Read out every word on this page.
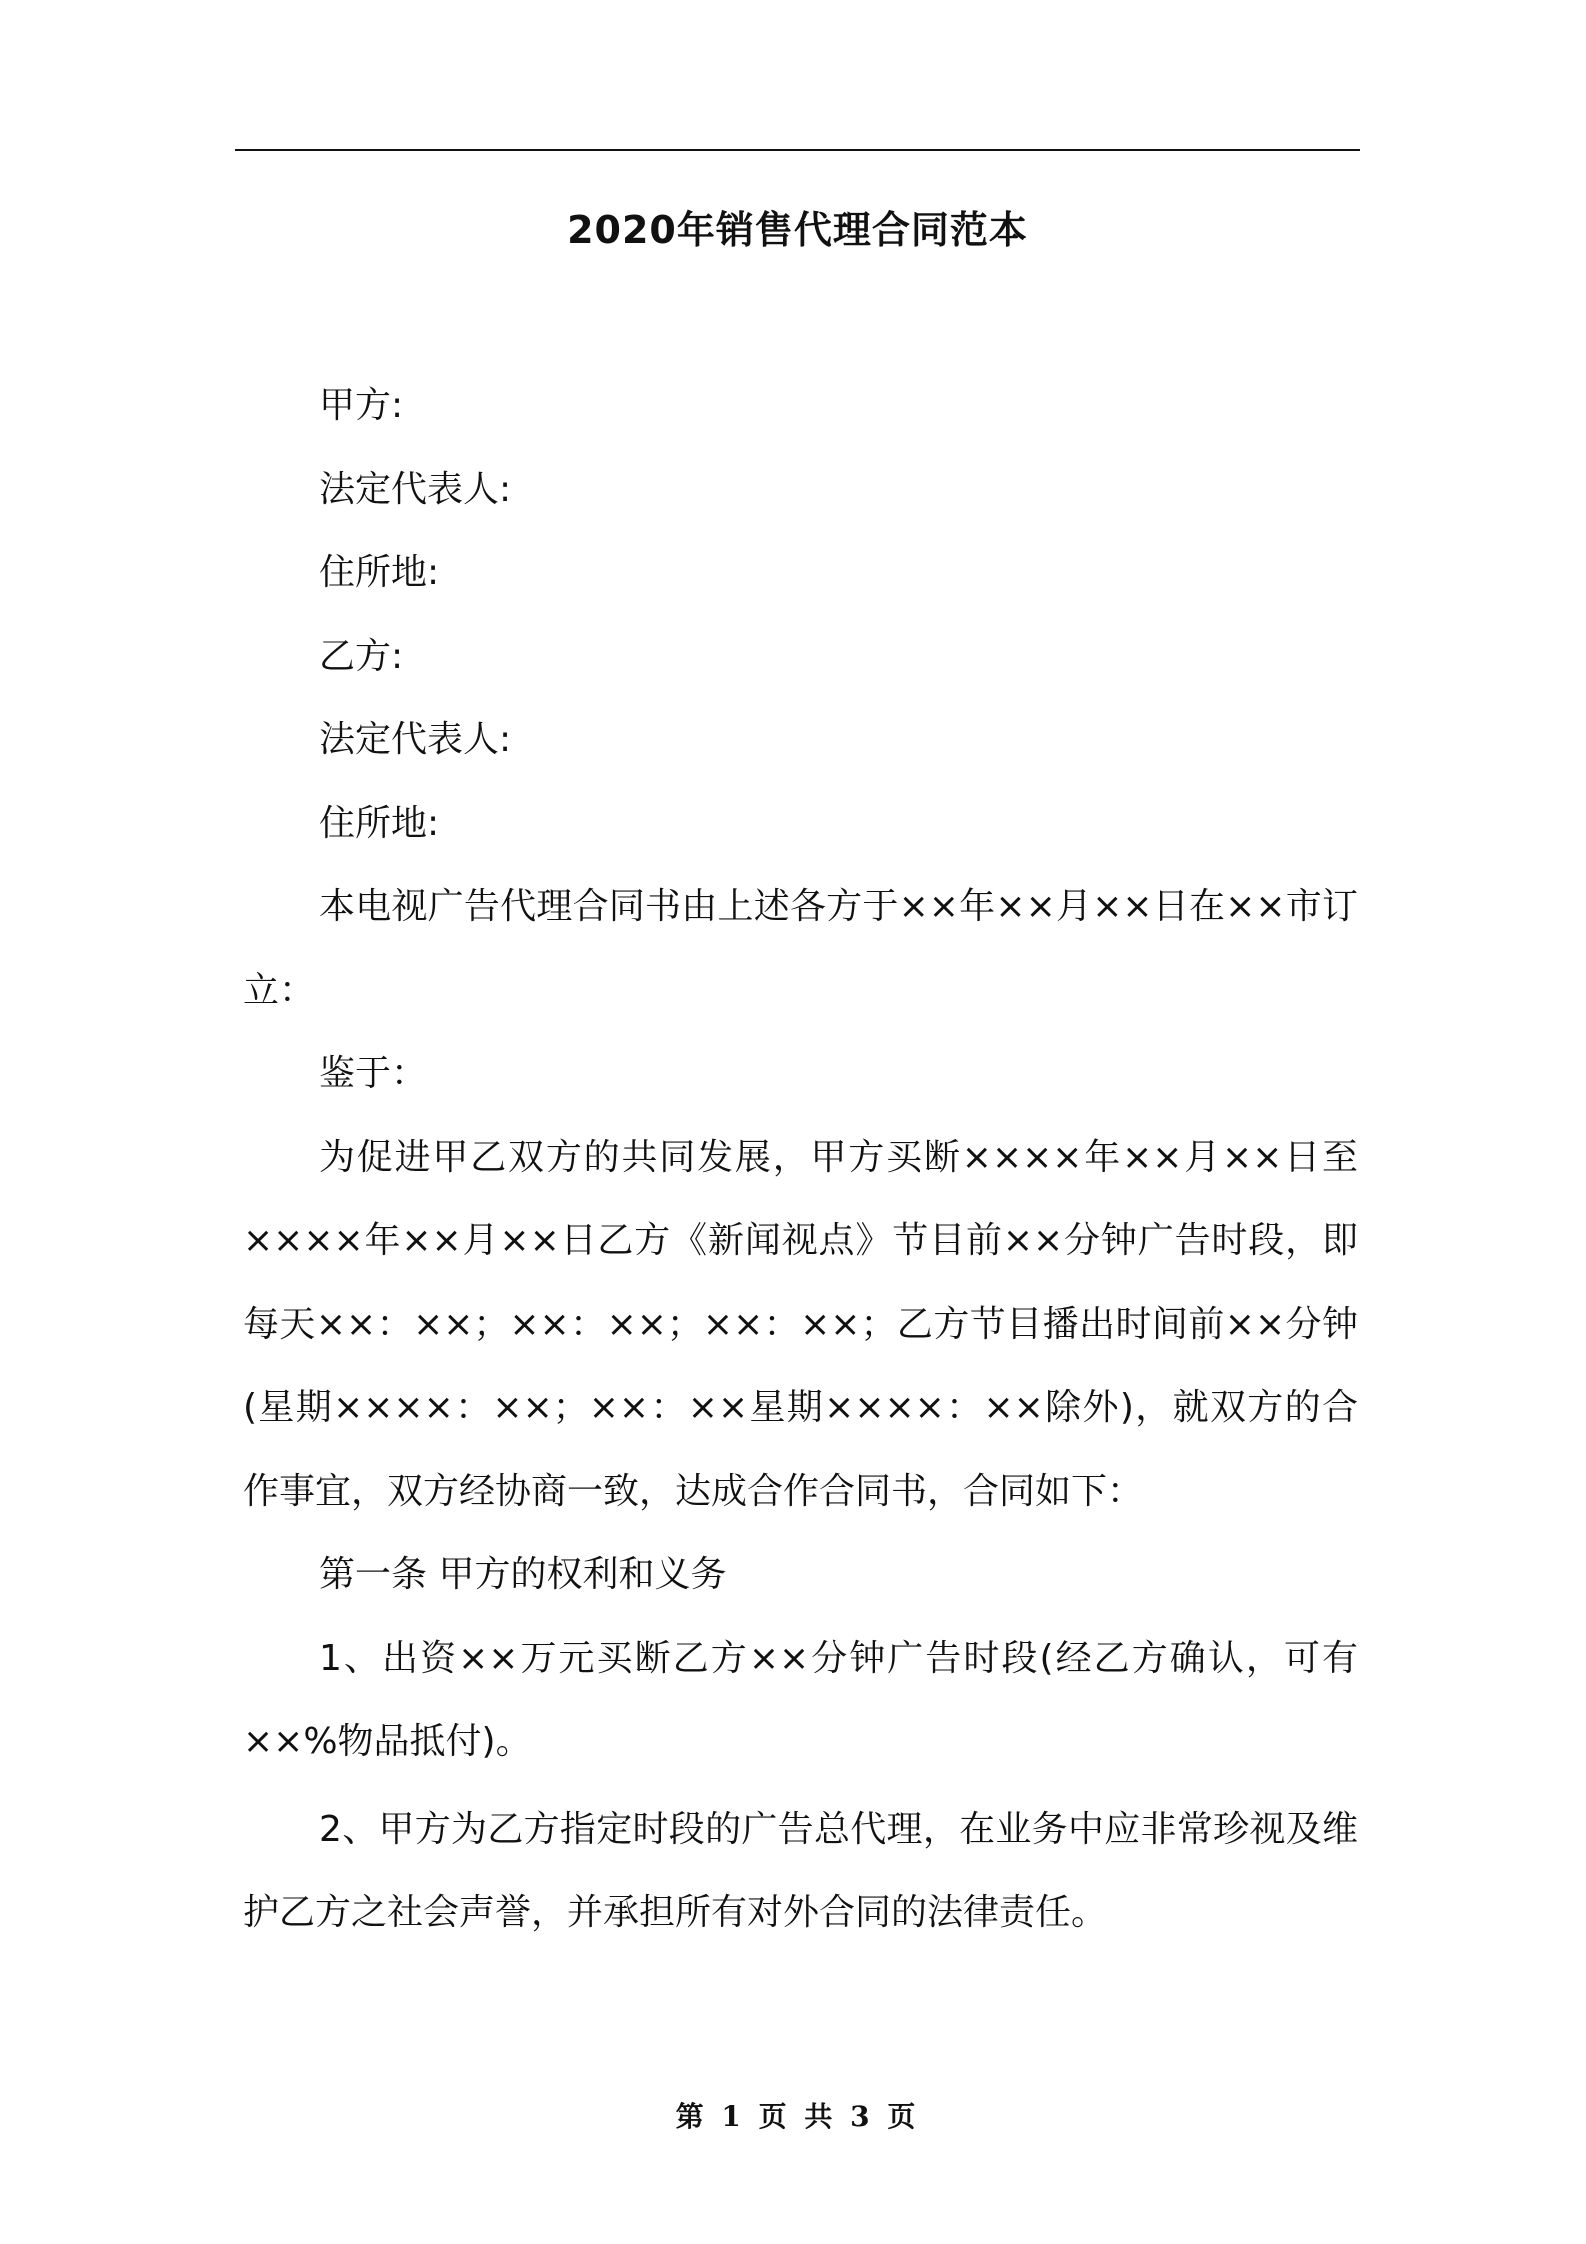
2020年销售代理合同范本

甲方:

法定代表人:

住所地:

乙方:

法定代表人:

住所地:

本电视广告代理合同书由上述各方于××年××月××日在××市订立：

鉴于：

为促进甲乙双方的共同发展，甲方买断××××年××月××日至 ××××年××月××日乙方《新闻视点》节目前××分钟广告时段，即每天××：××；××：××；××：××；乙方节目播出时间前××分钟(星期××××：××；××：××星期××××：××除外)，就双方的合作事宜，双方经协商一致，达成合作合同书，合同如下：

第一条 甲方的权利和义务

1、出资××万元买断乙方××分钟广告时段(经乙方确认，可有××%物品抵付)。

2、甲方为乙方指定时段的广告总代理，在业务中应非常珍视及维护乙方之社会声誉，并承担所有对外合同的法律责任。

第 1 页 共 3 页
